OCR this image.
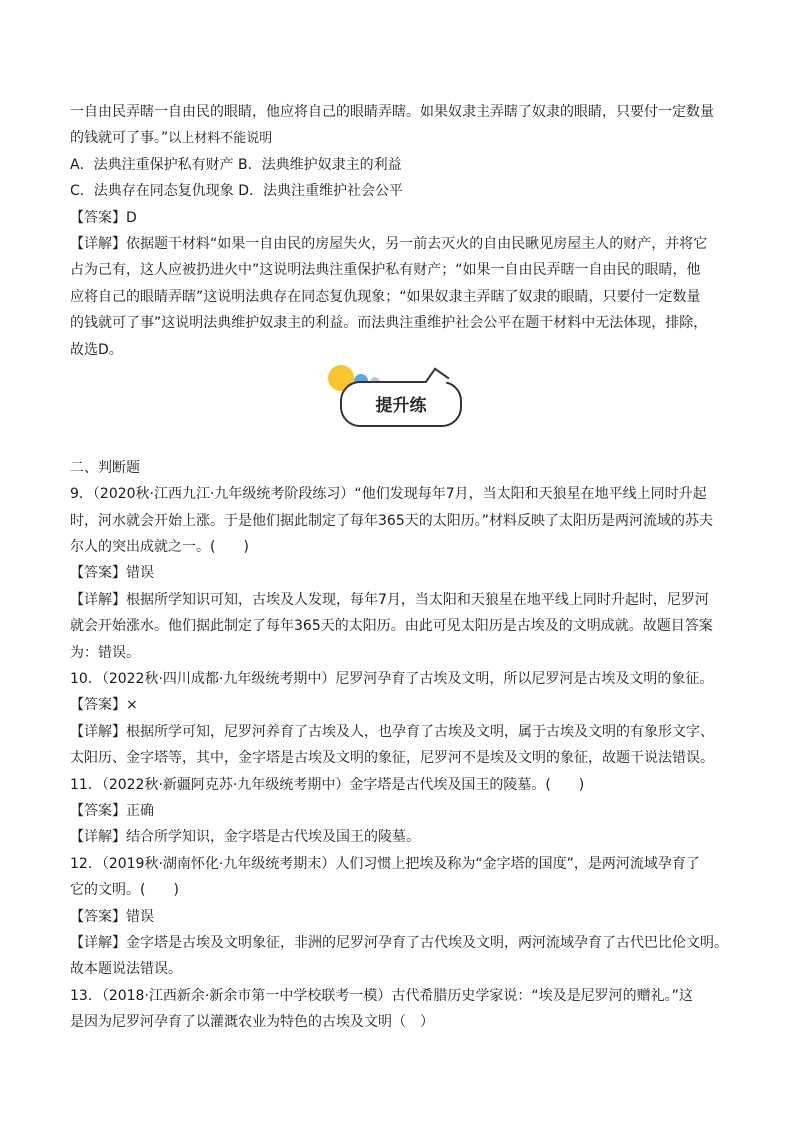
一自由民弄瞎一自由民的眼睛，他应将自己的眼睛弄瞎。如果奴隶主弄瞎了奴隶的眼睛，只要付一定数量
的钱就可了事。”以上材料不能说明
A．法典注重保护私有财产 B．法典维护奴隶主的利益
C．法典存在同态复仇现象 D．法典注重维护社会公平
【答案】D
【详解】依据题干材料“如果一自由民的房屋失火，另一前去灭火的自由民瞅见房屋主人的财产，并将它
占为己有，这人应被扔进火中”这说明法典注重保护私有财产；“如果一自由民弄瞎一自由民的眼睛，他
应将自己的眼睛弄瞎”这说明法典存在同态复仇现象；“如果奴隶主弄瞎了奴隶的眼睛，只要付一定数量
的钱就可了事”这说明法典维护奴隶主的利益。而法典注重维护社会公平在题干材料中无法体现，排除，
故选D。
提升练
二、判断题
9．（2020秋·江西九江·九年级统考阶段练习）“他们发现每年7月，当太阳和天狼星在地平线上同时升起
时，河水就会开始上涨。于是他们据此制定了每年365天的太阳历。”材料反映了太阳历是两河流域的苏夫
尔人的突出成就之一。(　　)
【答案】错误
【详解】根据所学知识可知，古埃及人发现，每年7月，当太阳和天狼星在地平线上同时升起时，尼罗河
就会开始涨水。他们据此制定了每年365天的太阳历。由此可见太阳历是古埃及的文明成就。故题目答案
为：错误。
10．（2022秋·四川成都·九年级统考期中）尼罗河孕育了古埃及文明，所以尼罗河是古埃及文明的象征。
【答案】×
【详解】根据所学可知，尼罗河养育了古埃及人，也孕育了古埃及文明，属于古埃及文明的有象形文字、
太阳历、金字塔等，其中，金字塔是古埃及文明的象征，尼罗河不是埃及文明的象征，故题干说法错误。
11．（2022秋·新疆阿克苏·九年级统考期中）金字塔是古代埃及国王的陵墓。(　　)
【答案】正确
【详解】结合所学知识，金字塔是古代埃及国王的陵墓。
12．（2019秋·湖南怀化·九年级统考期末）人们习惯上把埃及称为“金字塔的国度”，是两河流域孕育了
它的文明。(　　)
【答案】错误
【详解】金字塔是古埃及文明象征，非洲的尼罗河孕育了古代埃及文明，两河流域孕育了古代巴比伦文明。
故本题说法错误。
13．（2018·江西新余·新余市第一中学校联考一模）古代希腊历史学家说：“埃及是尼罗河的赠礼。”这
是因为尼罗河孕育了以灌溉农业为特色的古埃及文明（　）
